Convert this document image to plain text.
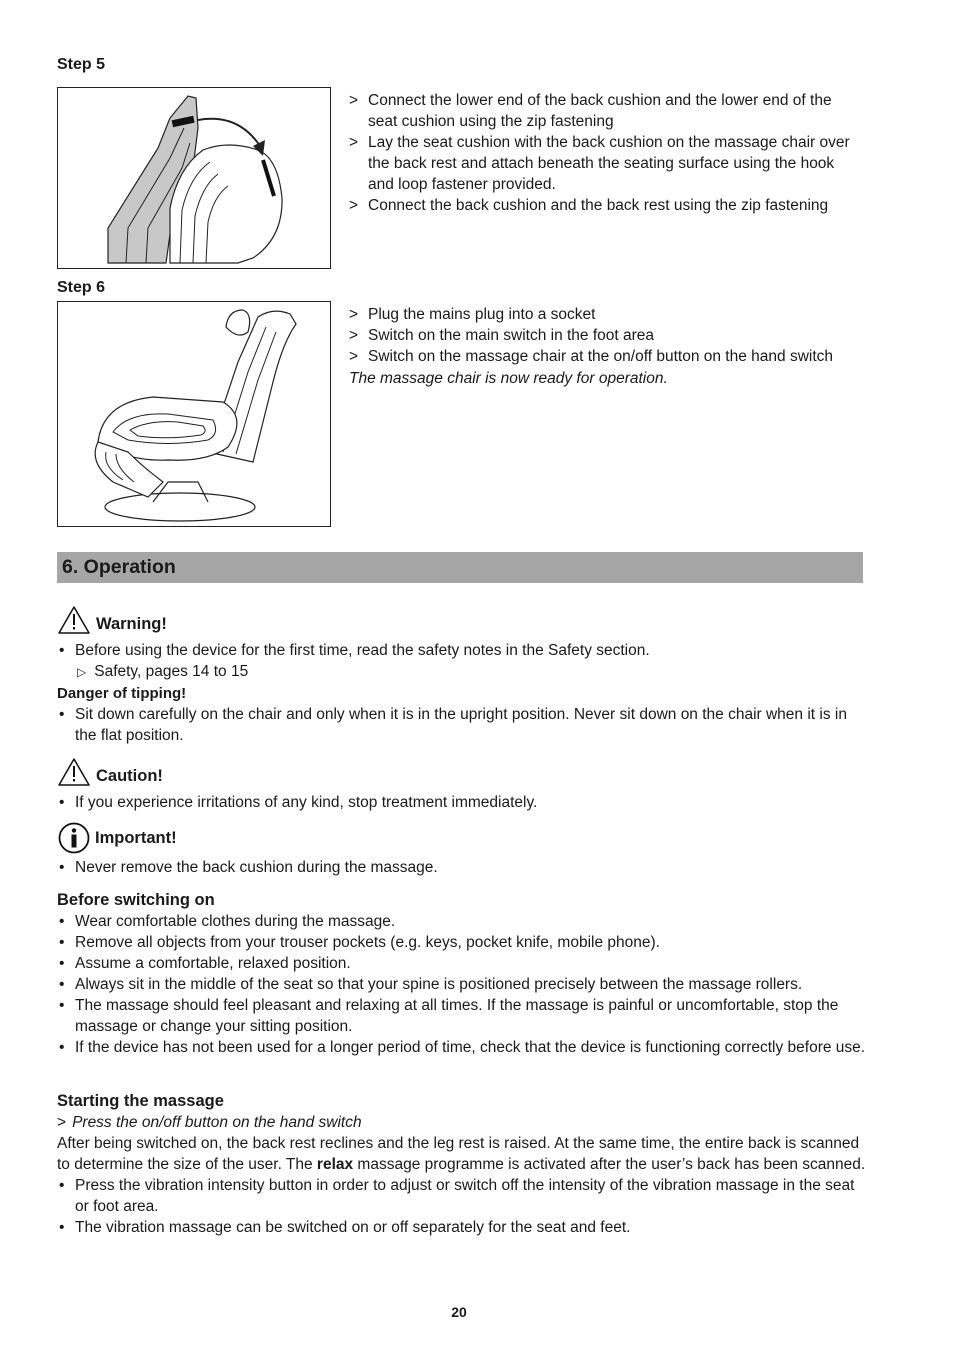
Step 5
> Connect the lower end of the back cushion and the lower end of the seat cushion using the zip fastening
> Lay the seat cushion with the back cushion on the massage chair over the back rest and attach beneath the seating surface using the hook and loop fastener provided.
> Connect the back cushion and the back rest using the zip fastening
Step 6
> Plug the mains plug into a socket
> Switch on the main switch in the foot area
> Switch on the massage chair at the on/off button on the hand switch
The massage chair is now ready for operation.
6. Operation
Warning!
• Before using the device for the first time, read the safety notes in the Safety section.
▷ Safety, pages 14 to 15
Danger of tipping!
• Sit down carefully on the chair and only when it is in the upright position. Never sit down on the chair when it is in the flat position.
Caution!
• If you experience irritations of any kind, stop treatment immediately.
Important!
• Never remove the back cushion during the massage.
Before switching on
• Wear comfortable clothes during the massage.
• Remove all objects from your trouser pockets (e.g. keys, pocket knife, mobile phone).
• Assume a comfortable, relaxed position.
• Always sit in the middle of the seat so that your spine is positioned precisely between the massage rollers.
• The massage should feel pleasant and relaxing at all times. If the massage is painful or uncomfortable, stop the massage or change your sitting position.
• If the device has not been used for a longer period of time, check that the device is functioning correctly before use.
Starting the massage
> Press the on/off button on the hand switch
After being switched on, the back rest reclines and the leg rest is raised. At the same time, the entire back is scanned to determine the size of the user. The relax massage programme is activated after the user’s back has been scanned.
• Press the vibration intensity button in order to adjust or switch off the intensity of the vibration massage in the seat or foot area.
• The vibration massage can be switched on or off separately for the seat and feet.
20
